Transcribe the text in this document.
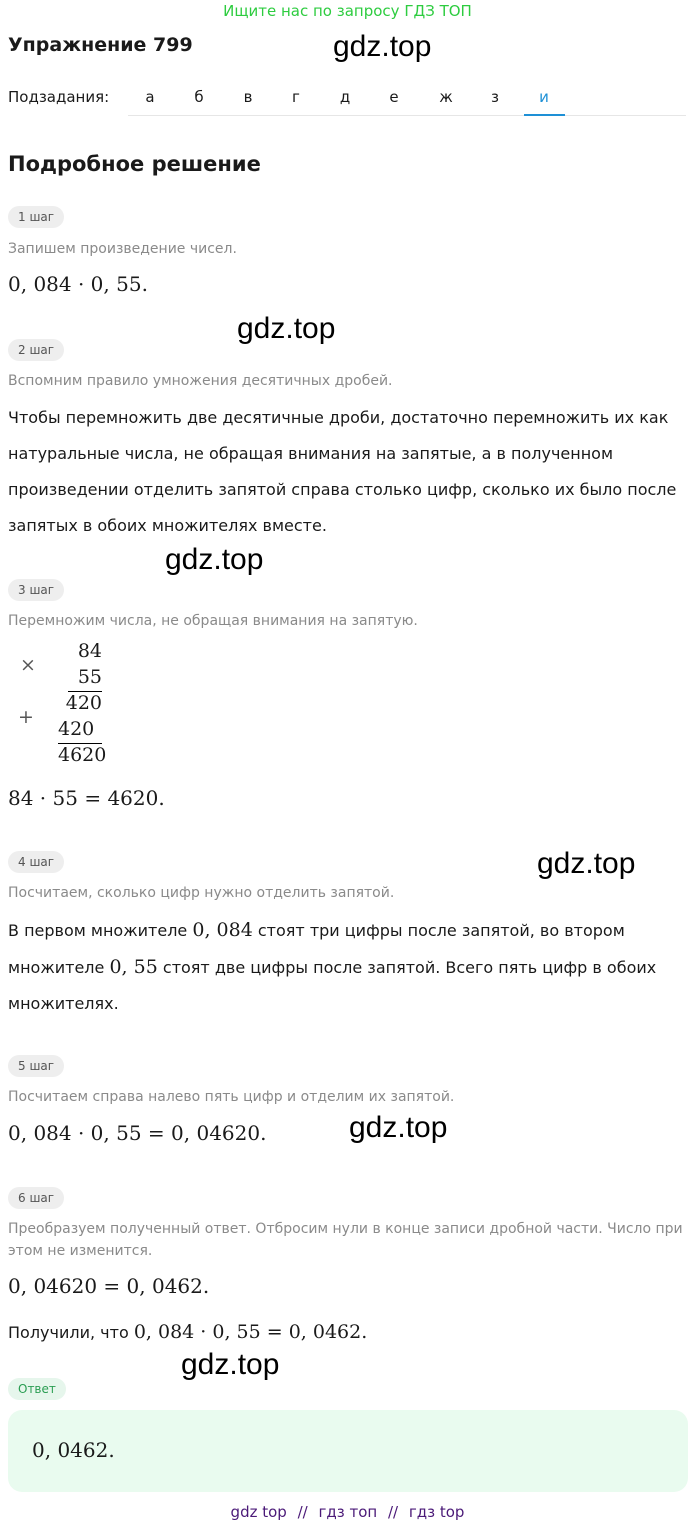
Ищите нас по запросу ГДЗ ТОП
Упражнение 799	gdz.top
gdz.top
gdz.top
gdz.top
gdz.top
gdz.top
Подзадания:	а	б	в	г	д	е	ж	з	и
Подробное решение
1 шаг
Запишем произведение чисел.
0, 084 · 0, 55.
2 шаг
Вспомним правило умножения десятичных дробей.
Чтобы перемножить две десятичные дроби, достаточно перемножить их как натуральные числа, не обращая внимания на запятые, а в полученном произведении отделить запятой справа столько цифр, сколько их было после запятых в обоих множителях вместе.
3 шаг
Перемножим числа, не обращая внимания на запятую.
×
84
55
420
+
420
4620
84 · 55 = 4620.
4 шаг
Посчитаем, сколько цифр нужно отделить запятой.
В первом множителе 0, 084 стоят три цифры после запятой, во втором множителе 0, 55 стоят две цифры после запятой. Всего пять цифр в обоих множителях.
5 шаг
Посчитаем справа налево пять цифр и отделим их запятой.
0, 084 · 0, 55 = 0, 04620.
6 шаг
Преобразуем полученный ответ. Отбросим нули в конце записи дробной части. Число при этом не изменится.
0, 04620 = 0, 0462.
Получили, что 0, 084 · 0, 55 = 0, 0462.
Ответ
0, 0462.
gdz top // гдз топ // гдз top
